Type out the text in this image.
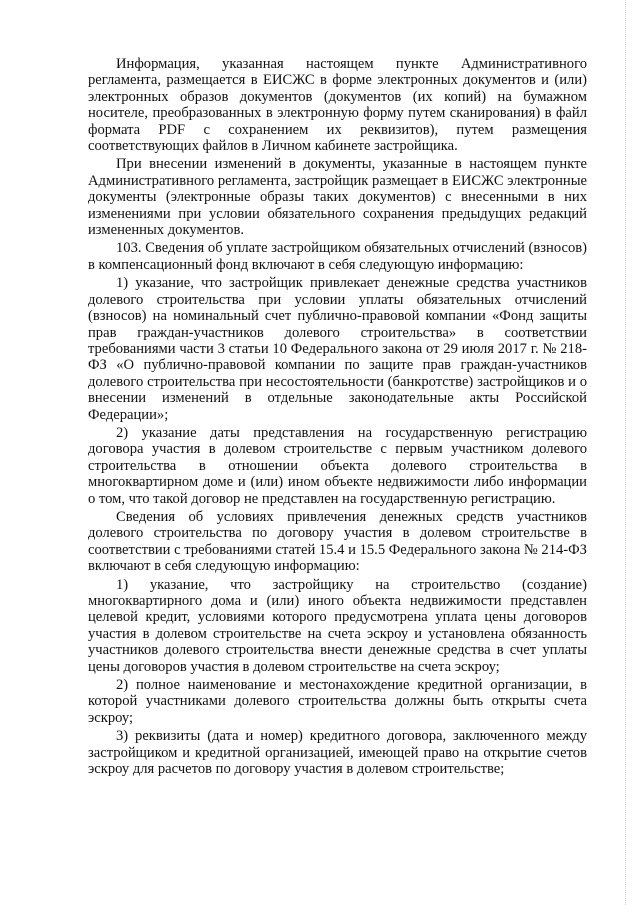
Информация, указанная настоящем пункте Административного регламента, размещается в ЕИСЖС в форме электронных документов и (или) электронных образов документов (документов (их копий) на бумажном носителе, преобразованных в электронную форму путем сканирования) в файл формата PDF с сохранением их реквизитов), путем размещения соответствующих файлов в Личном кабинете застройщика.

При внесении изменений в документы, указанные в настоящем пункте Административного регламента, застройщик размещает в ЕИСЖС электронные документы (электронные образы таких документов) с внесенными в них изменениями при условии обязательного сохранения предыдущих редакций измененных документов.

103. Сведения об уплате застройщиком обязательных отчислений (взносов) в компенсационный фонд включают в себя следующую информацию:

1) указание, что застройщик привлекает денежные средства участников долевого строительства при условии уплаты обязательных отчислений (взносов) на номинальный счет публично-правовой компании «Фонд защиты прав граждан-участников долевого строительства» в соответствии требованиями части 3 статьи 10 Федерального закона от 29 июля 2017 г. № 218-ФЗ «О публично-правовой компании по защите прав граждан-участников долевого строительства при несостоятельности (банкротстве) застройщиков и о внесении изменений в отдельные законодательные акты Российской Федерации»;

2) указание даты представления на государственную регистрацию договора участия в долевом строительстве с первым участником долевого строительства в отношении объекта долевого строительства в многоквартирном доме и (или) ином объекте недвижимости либо информации о том, что такой договор не представлен на государственную регистрацию.

Сведения об условиях привлечения денежных средств участников долевого строительства по договору участия в долевом строительстве в соответствии с требованиями статей 15.4 и 15.5 Федерального закона № 214-ФЗ включают в себя следующую информацию:

1) указание, что застройщику на строительство (создание) многоквартирного дома и (или) иного объекта недвижимости представлен целевой кредит, условиями которого предусмотрена уплата цены договоров участия в долевом строительстве на счета эскроу и установлена обязанность участников долевого строительства внести денежные средства в счет уплаты цены договоров участия в долевом строительстве на счета эскроу;

2) полное наименование и местонахождение кредитной организации, в которой участниками долевого строительства должны быть открыты счета эскроу;

3) реквизиты (дата и номер) кредитного договора, заключенного между застройщиком и кредитной организацией, имеющей право на открытие счетов эскроу для расчетов по договору участия в долевом строительстве;
